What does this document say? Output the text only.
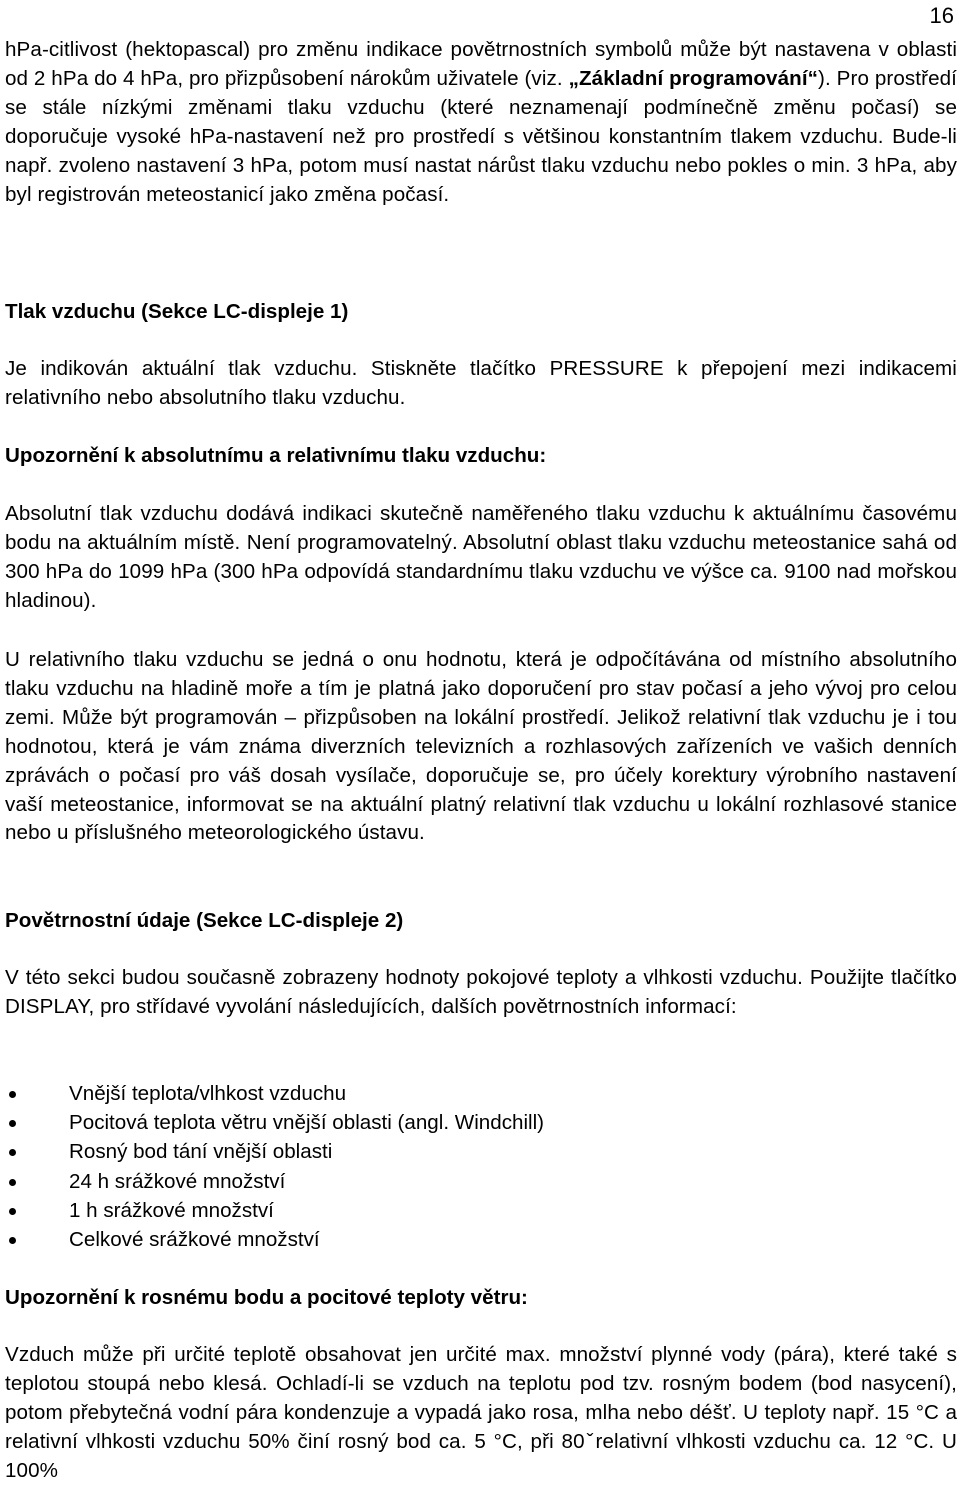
16

hPa-citlivost (hektopascal) pro změnu indikace povětrnostních symbolů může být nastavena v oblasti od 2 hPa do 4 hPa, pro přizpůsobení nárokům uživatele (viz. „Základní programování“). Pro prostředí se stále nízkými změnami tlaku vzduchu (které neznamenají podmínečně změnu počasí) se doporučuje vysoké hPa-nastavení než pro prostředí s většinou konstantním tlakem vzduchu. Bude-li např. zvoleno nastavení 3 hPa, potom musí nastat nárůst tlaku vzduchu nebo pokles o min. 3 hPa, aby byl registrován meteostanicí jako změna počasí.

Tlak vzduchu (Sekce LC-displeje 1)

Je indikován aktuální tlak vzduchu. Stiskněte tlačítko PRESSURE k přepojení mezi indikacemi relativního nebo absolutního tlaku vzduchu.

Upozornění k absolutnímu a relativnímu tlaku vzduchu:

Absolutní tlak vzduchu dodává indikaci skutečně naměřeného tlaku vzduchu k aktuálnímu časovému bodu na aktuálním místě. Není programovatelný. Absolutní oblast tlaku vzduchu meteostanice sahá od 300 hPa do 1099 hPa (300 hPa odpovídá standardnímu tlaku vzduchu ve výšce ca. 9100 nad mořskou hladinou).

U relativního tlaku vzduchu se jedná o onu hodnotu, která je odpočítávána od místního absolutního tlaku vzduchu na hladině moře a tím je platná jako doporučení pro stav počasí a jeho vývoj pro celou zemi. Může být programován – přizpůsoben na lokální prostředí. Jelikož relativní tlak vzduchu je i tou hodnotou, která je vám známa diverzních televizních a rozhlasových zařízeních ve vašich denních zprávách o počasí pro váš dosah vysílače, doporučuje se, pro účely korektury výrobního nastavení vaší meteostanice, informovat se na aktuální platný relativní tlak vzduchu u lokální rozhlasové stanice nebo u příslušného meteorologického ústavu.

Povětrnostní údaje (Sekce LC-displeje 2)

V této sekci budou současně zobrazeny hodnoty pokojové teploty a vlhkosti vzduchu. Použijte tlačítko DISPLAY, pro střídavé vyvolání následujících, dalších povětrnostních informací:

Vnější teplota/vlhkost vzduchu
Pocitová teplota větru vnější oblasti (angl. Windchill)
Rosný bod tání vnější oblasti
24 h srážkové množství
1 h srážkové množství
Celkové srážkové množství
Upozornění k rosnému bodu a pocitové teploty větru:

Vzduch může při určité teplotě obsahovat jen určité max. množství plynné vody (pára), které také s teplotou stoupá nebo klesá. Ochladí-li se vzduch na teplotu pod tzv. rosným bodem (bod nasycení), potom přebytečná vodní pára kondenzuje a vypadá jako rosa, mlha nebo déšť. U teploty např. 15 °C a relativní vlhkosti vzduchu 50% činí rosný bod ca. 5 °C, při 80ˇrelativní vlhkosti vzduchu ca. 12 °C. U 100%
